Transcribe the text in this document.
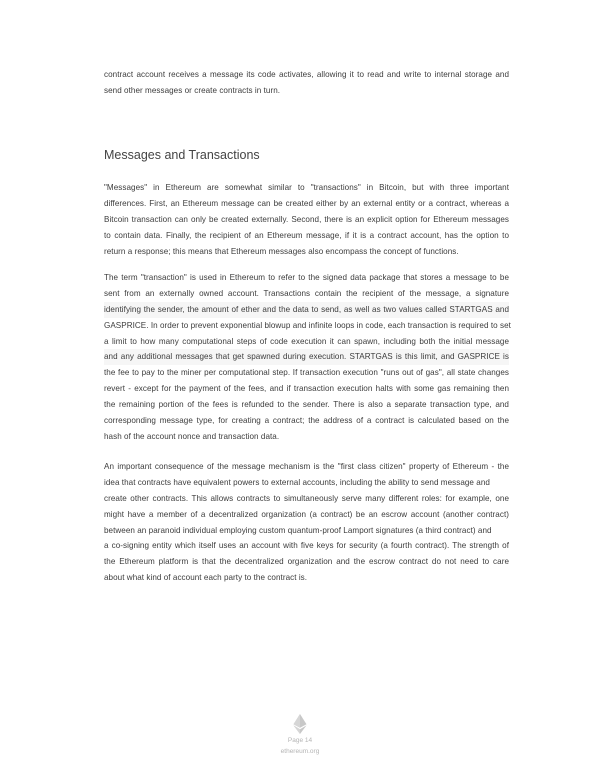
contract account receives a message its code activates, allowing it to read and write to internal storage and
send other messages or create contracts in turn.
Messages and Transactions
"Messages" in Ethereum are somewhat similar to "transactions" in Bitcoin, but with three important
differences. First, an Ethereum message can be created either by an external entity or a contract, whereas a
Bitcoin transaction can only be created externally. Second, there is an explicit option for Ethereum messages
to contain data. Finally, the recipient of an Ethereum message, if it is a contract account, has the option to
return a response; this means that Ethereum messages also encompass the concept of functions.
The term "transaction" is used in Ethereum to refer to the signed data package that stores a message to be
sent from an externally owned account. Transactions contain the recipient of the message, a signature
identifying the sender, the amount of ether and the data to send, as well as two values called STARTGAS and
GASPRICE. In order to prevent exponential blowup and infinite loops in code, each transaction is required to set
a limit to how many computational steps of code execution it can spawn, including both the initial message
and any additional messages that get spawned during execution. STARTGAS is this limit, and GASPRICE is
the fee to pay to the miner per computational step. If transaction execution "runs out of gas", all state changes
revert - except for the payment of the fees, and if transaction execution halts with some gas remaining then
the remaining portion of the fees is refunded to the sender. There is also a separate transaction type, and
corresponding message type, for creating a contract; the address of a contract is calculated based on the
hash of the account nonce and transaction data.
An important consequence of the message mechanism is the "first class citizen" property of Ethereum - the
idea that contracts have equivalent powers to external accounts, including the ability to send message and
create other contracts. This allows contracts to simultaneously serve many different roles: for example, one
might have a member of a decentralized organization (a contract) be an escrow account (another contract)
between an paranoid individual employing custom quantum-proof Lamport signatures (a third contract) and
a co-signing entity which itself uses an account with five keys for security (a fourth contract). The strength of
the Ethereum platform is that the decentralized organization and the escrow contract do not need to care
about what kind of account each party to the contract is.
Page 14
ethereum.org
